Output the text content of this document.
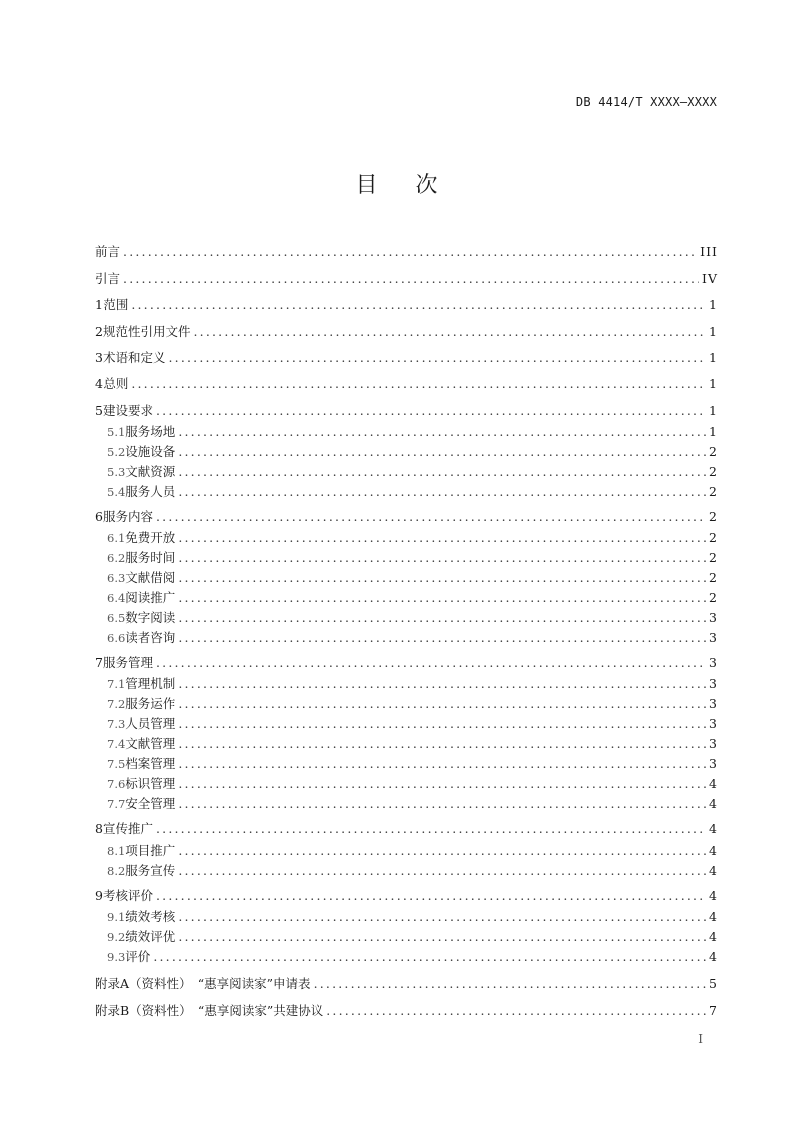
DB 4414/T XXXX—XXXX
目次
前言 .....	III
引言 .....	IV
1 范围 .....	1
2 规范性引用文件 .....	1
3 术语和定义 .....	1
4 总则 .....	1
5 建设要求 .....	1
5.1 服务场地 .....	1
5.2 设施设备 .....	2
5.3 文献资源 .....	2
5.4 服务人员 .....	2
6 服务内容 .....	2
6.1 免费开放 .....	2
6.2 服务时间 .....	2
6.3 文献借阅 .....	2
6.4 阅读推广 .....	2
6.5 数字阅读 .....	3
6.6 读者咨询 .....	3
7 服务管理 .....	3
7.1 管理机制 .....	3
7.2 服务运作 .....	3
7.3 人员管理 .....	3
7.4 文献管理 .....	3
7.5 档案管理 .....	3
7.6 标识管理 .....	4
7.7 安全管理 .....	4
8 宣传推广 .....	4
8.1 项目推广 .....	4
8.2 服务宣传 .....	4
9 考核评价 .....	4
9.1 绩效考核 .....	4
9.2 绩效评优 .....	4
9.3 评价 .....	4
附录A（资料性）　“惠享阅读家”申请表 .....	5
附录B（资料性）　“惠享阅读家”共建协议 .....	7
I
